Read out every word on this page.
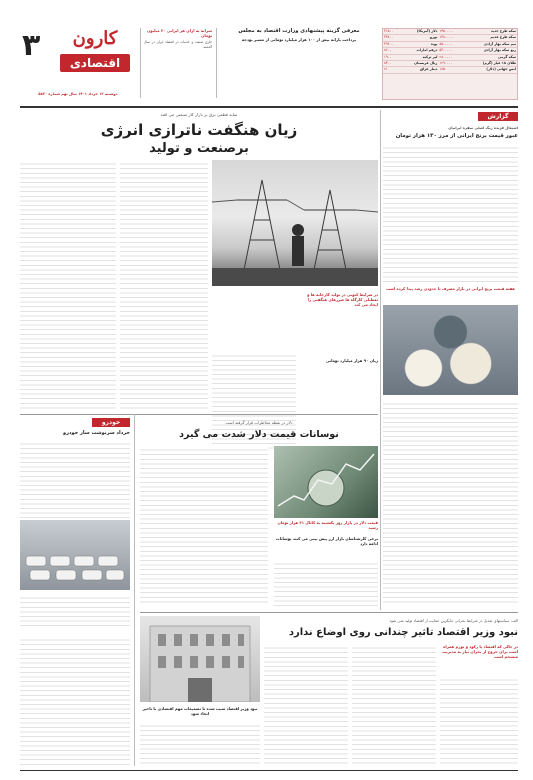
۳	کارون
اقتصادی
دوشنبه ۱۲ خرداد ۱۴۰۱ سال نهم شماره ۵۸۳۰
سرانه به ازای هر ایرانی ۲۰ میلیون تومان
جاری صنعت و خدمات در اقتصاد ایران در سال گذشته
معرفی گزینه پیشنهادی وزارت اقتصاد به مجلس
پرداخت یارانه بیش از ۱۰۰ هزار میلیارد تومانی از مسیر بودجه
سکه طرح جدید	۱۴۵۰۰۰۰۰	دلار (آمریکا)	۳۱۵۰۰
سکه طرح قدیم	۱۳۸۰۰۰۰۰	یورو	۳۳۸۰۰
نیم سکه بهار آزادی	۸۵۰۰۰۰۰	پوند	۳۹۶۰۰
ربع سکه بهار آزادی	۵۳۰۰۰۰۰	درهم امارات	۸۶۰۰
سکه گرمی	۲۸۰۰۰۰۰	لیر ترکیه	۱۹۰۰
طلای ۱۸ عیار (گرم)	۱۲۹۰۰۰۰	ریال عربستان	۸۴۰۰
انس جهانی (دلار)	۱۸۵۰	دینار عراق	۲۱
گزارش
اشتغال فزنده رنگ اصلی سفره ایرانیان
عبور قیمت برنج ایرانی از مرز ۱۳۰ هزار تومان
هفته قیمت برنج ایرانی در بازار مصرف تا حدودی رشد پیدا کرده است
سایه قطعی برق بر بازار کار صنعتی می افتد
زیان هنگفت ناترازی انرژی
برصنعت و تولید
در شرایط کنونی در تولید کارخانه ها و تعطیلی کارگاه ها ضررهای هنگفتی را ایجاد می کند
زیان ۹۰ هزار میلیارد تومانی
خودرو
خرداد سرنوشت ساز خودرو
دلار در نقطه مخاطرات قرار گرفته است
نوسانات قیمت دلار شدت می گیرد
قیمت دلار در بازار روز یکشنبه به کانال ۳۱ هزار تومان رسید
برخی کارشناسان بازار ارز پیش بینی می کنند نوسانات ادامه دارد
الف: سیاستهای تعدیل در شرایط بحرانی جایگزین حمایت از اقتصاد تولید نمی شود
نبود وزیر اقتصاد تاثیر چندانی روی اوضاع ندارد
در حالی که اقتصاد با رکود و تورم همراه است برای خروج از بحران نیاز به مدیریت منسجم است
نبود وزیر اقتصاد سبب شده تا تصمیمات مهم اقتصادی با تاخیر اتخاذ شود
